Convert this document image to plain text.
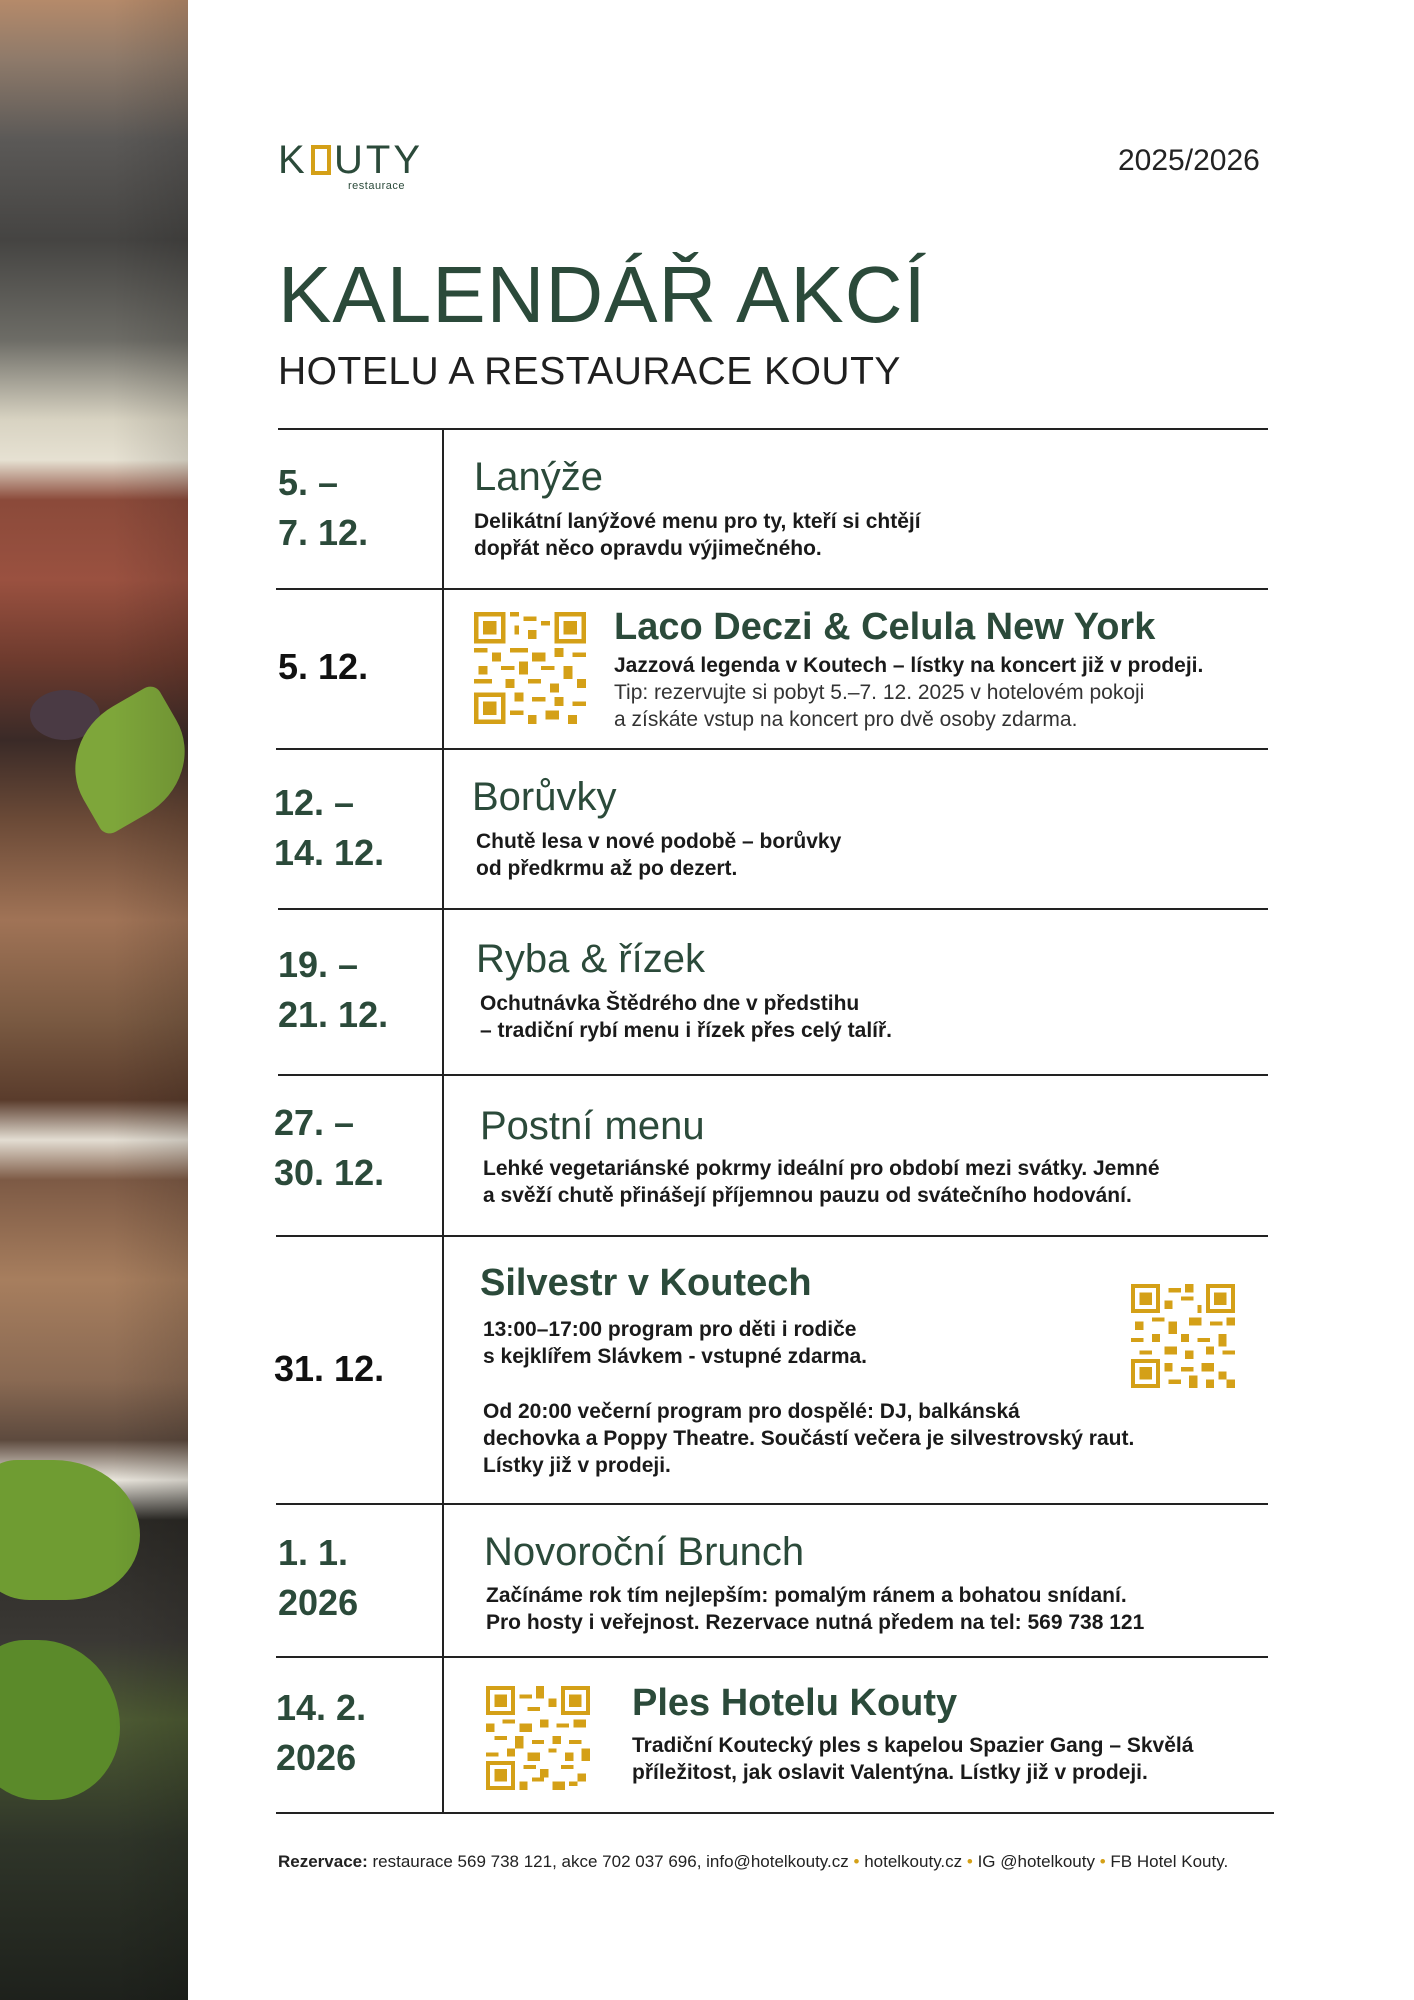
K UTY
restaurace
2025/2026
KALENDÁŘ AKCÍ
HOTELU A RESTAURACE KOUTY
5. –
7. 12.
Lanýže
Delikátní lanýžové menu pro ty, kteří si chtějí
dopřát něco opravdu výjimečného.
5. 12.
Laco Deczi & Celula New York
Jazzová legenda v Koutech – lístky na koncert již v prodeji.
Tip: rezervujte si pobyt 5.–7. 12. 2025 v hotelovém pokoji
a získáte vstup na koncert pro dvě osoby zdarma.
12. –
14. 12.
Borůvky
Chutě lesa v nové podobě – borůvky
od předkrmu až po dezert.
19. –
21. 12.
Ryba & řízek
Ochutnávka Štědrého dne v předstihu
– tradiční rybí menu i řízek přes celý talíř.
27. –
30. 12.
Postní menu
Lehké vegetariánské pokrmy ideální pro období mezi svátky. Jemné
a svěží chutě přinášejí příjemnou pauzu od svátečního hodování.
31. 12.
Silvestr v Koutech
13:00–17:00 program pro děti i rodiče
s kejklířem Slávkem - vstupné zdarma.
Od 20:00 večerní program pro dospělé: DJ, balkánská
dechovka a Poppy Theatre. Součástí večera je silvestrovský raut.
Lístky již v prodeji.
1. 1.
2026
Novoroční Brunch
Začínáme rok tím nejlepším: pomalým ránem a bohatou snídaní.
Pro hosty i veřejnost. Rezervace nutná předem na tel: 569 738 121
14. 2.
2026
Ples Hotelu Kouty
Tradiční Koutecký ples s kapelou Spazier Gang – Skvělá
příležitost, jak oslavit Valentýna. Lístky již v prodeji.
Rezervace: restaurace 569 738 121, akce 702 037 696, info@hotelkouty.cz • hotelkouty.cz • IG @hotelkouty • FB Hotel Kouty.
